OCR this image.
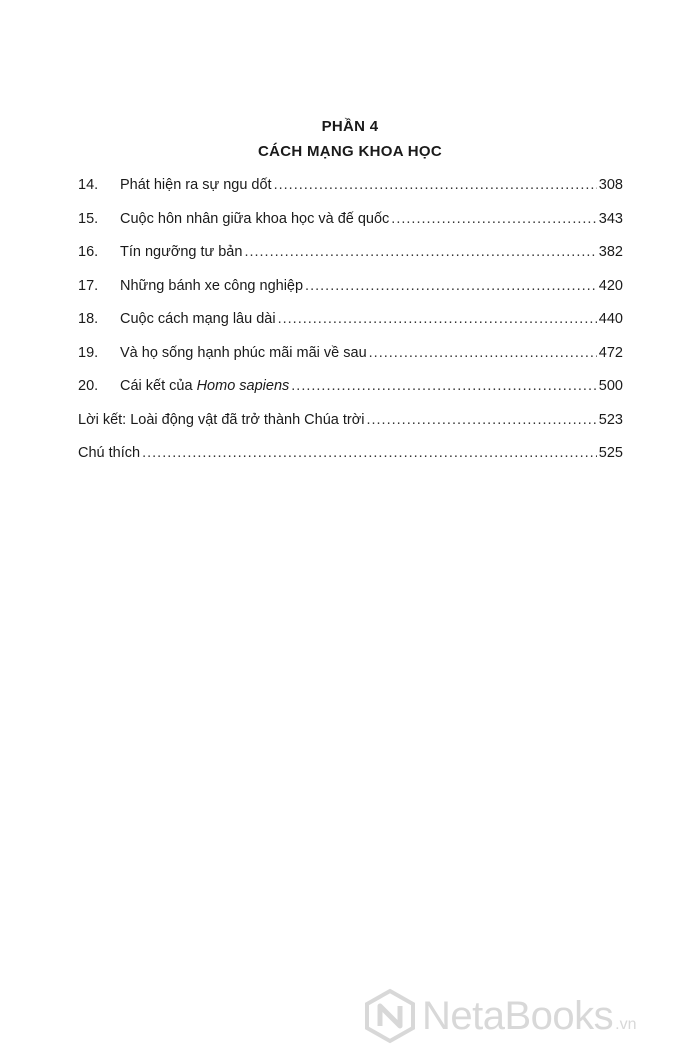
PHẦN 4
CÁCH MẠNG KHOA HỌC
14.	Phát hiện ra sự ngu dốt .....	308
15.	Cuộc hôn nhân giữa khoa học và đế quốc .....	343
16.	Tín ngưỡng tư bản .....	382
17.	Những bánh xe công nghiệp .....	420
18.	Cuộc cách mạng lâu dài .....	440
19.	Và họ sống hạnh phúc mãi mãi về sau .....	472
20.	Cái kết của Homo sapiens .....	500
Lời kết: Loài động vật đã trở thành Chúa trời .....	523
Chú thích .....	525
NetaBooks .vn
